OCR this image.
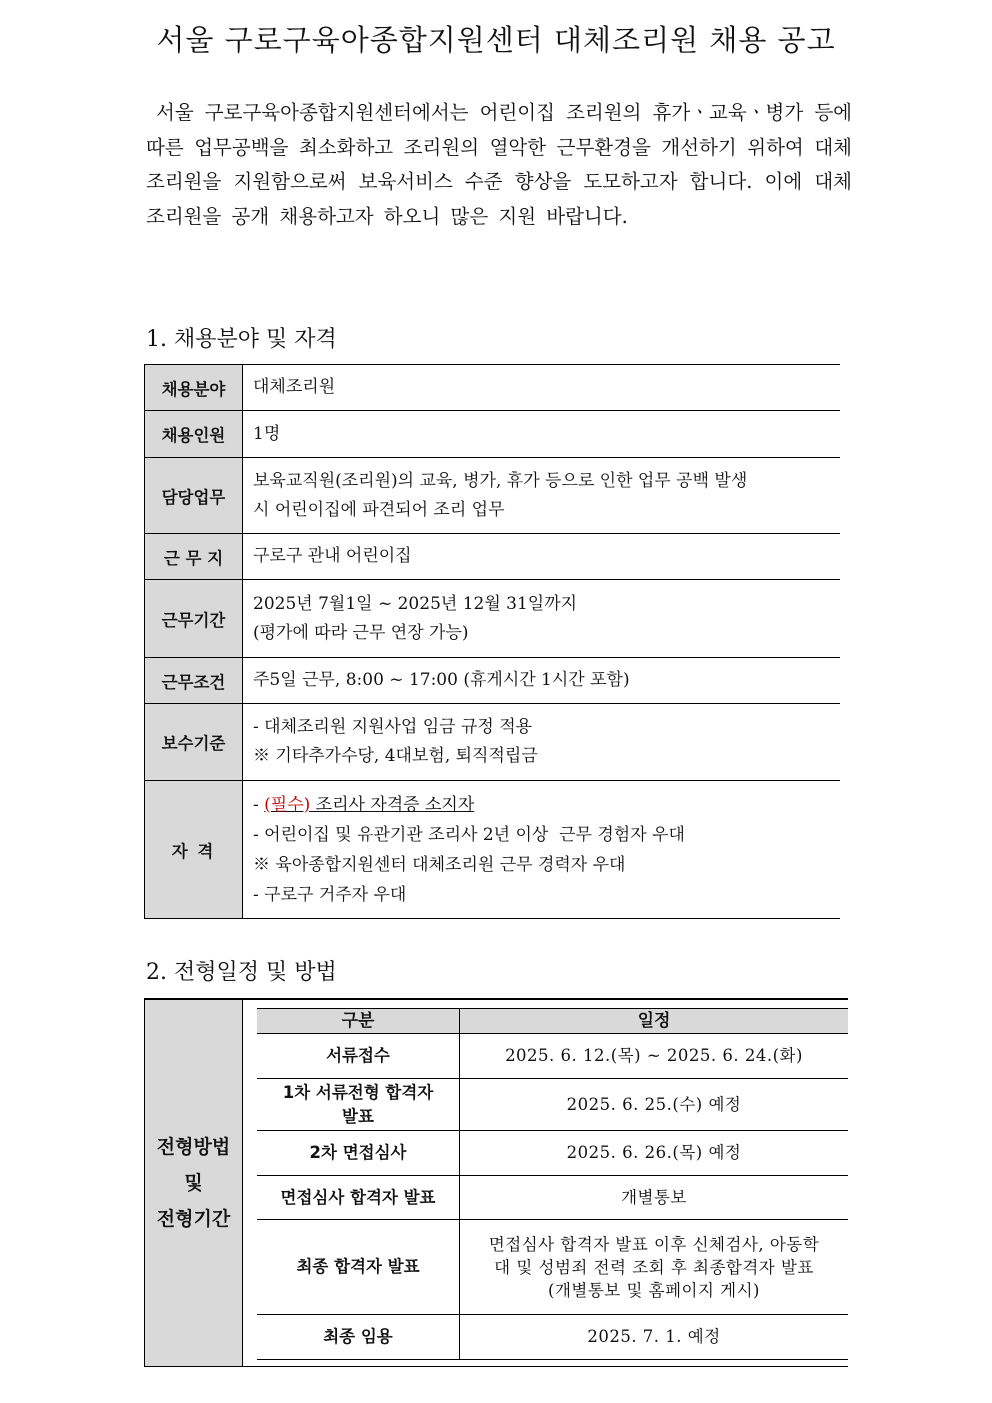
서울 구로구육아종합지원센터 대체조리원 채용 공고

서울 구로구육아종합지원센터에서는 어린이집 조리원의 휴가ㆍ교육ㆍ병가 등에 따른 업무공백을 최소화하고 조리원의 열악한 근무환경을 개선하기 위하여 대체조리원을 지원함으로써 보육서비스 수준 향상을 도모하고자 합니다. 이에 대체조리원을 공개 채용하고자 하오니 많은 지원 바랍니다.

1. 채용분야 및 자격
채용분야	대체조리원

채용인원	1명

담당업무	보육교직원(조리원)의 교육, 병가, 휴가 등으로 인한 업무 공백 발생
시 어린이집에 파견되어 조리 업무

근 무 지	구로구 관내 어린이집

근무기간	2025년 7월1일 ~ 2025년 12월 31일까지
(평가에 따라 근무 연장 가능)

근무조건	주5일 근무, 8:00 ~ 17:00 (휴게시간 1시간 포함)

보수기준	- 대체조리원 지원사업 임금 규정 적용
※ 기타추가수당, 4대보험, 퇴직적립금

자 격	- (필수) 조리사 자격증 소지자
- 어린이집 및 유관기관 조리사 2년 이상  근무 경험자 우대
※ 육아종합지원센터 대체조리원 근무 경력자 우대
- 구로구 거주자 우대
2. 전형일정 및 방법
전형방법
및
전형기간
구분	일정
서류접수	2025. 6. 12.(목) ~ 2025. 6. 24.(화)
1차 서류전형 합격자 발표	2025. 6. 25.(수) 예정
2차 면접심사	2025. 6. 26.(목) 예정
면접심사 합격자 발표	개별통보
최종 합격자 발표	면접심사 합격자 발표 이후 신체검사, 아동학대 및 성범죄 전력 조회 후 최종합격자 발표(개별통보 및 홈페이지 게시)
최종 임용	2025. 7. 1. 예정
